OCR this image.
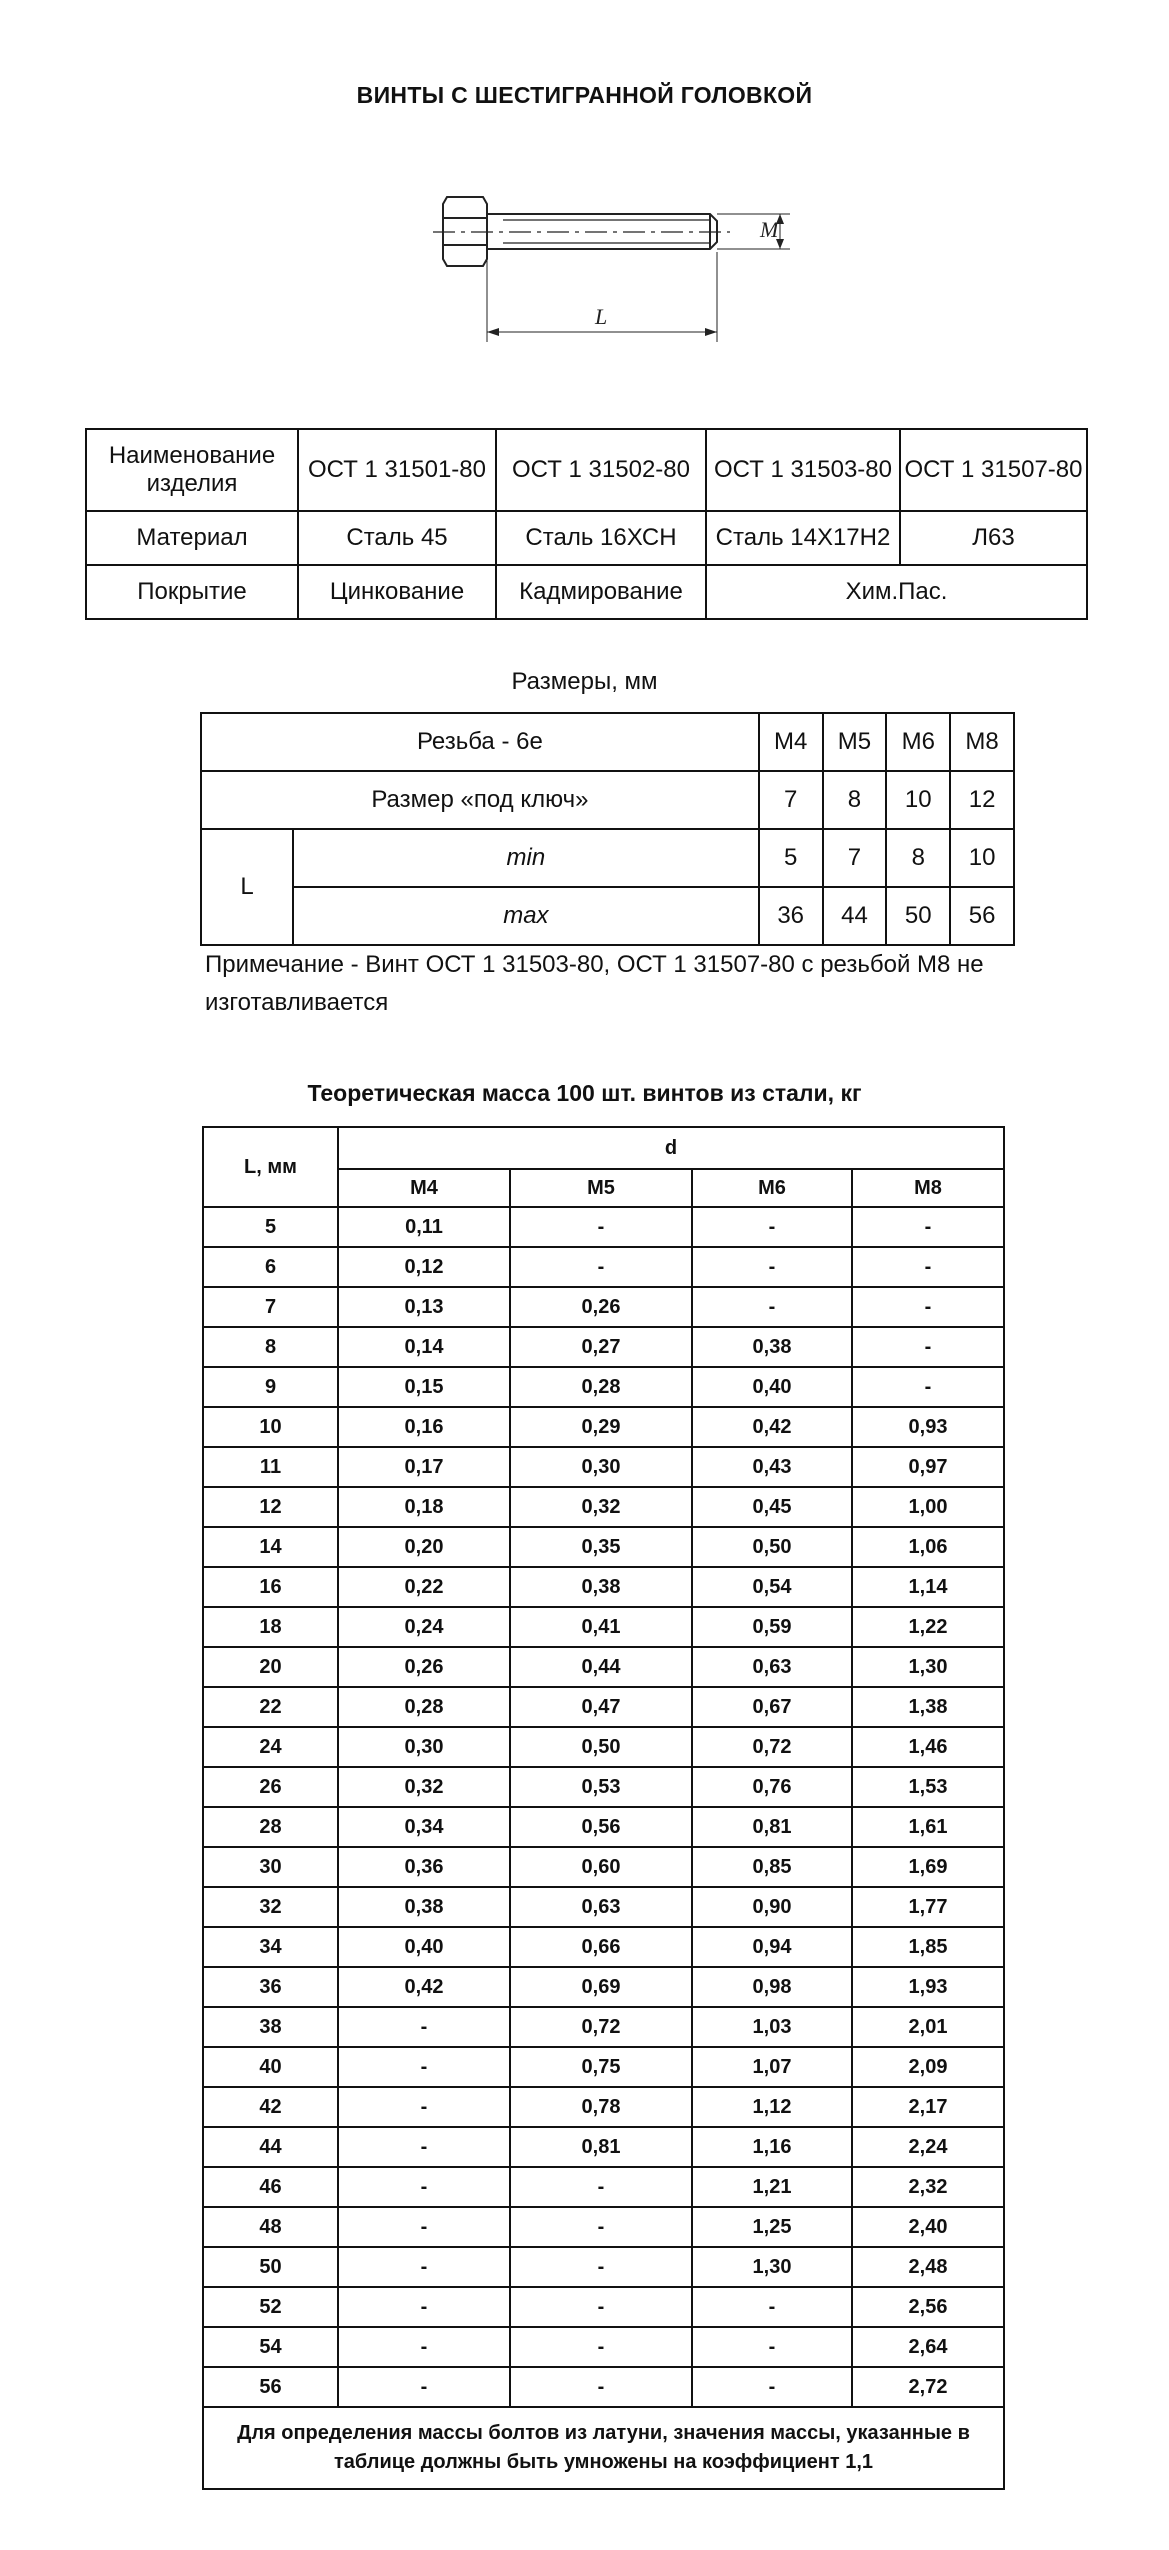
ВИНТЫ С ШЕСТИГРАННОЙ ГОЛОВКОЙ
M
L
Наименование изделия	ОСТ 1 31501-80	ОСТ 1 31502-80	ОСТ 1 31503-80	ОСТ 1 31507-80
Материал	Сталь 45	Сталь 16ХСН	Сталь 14Х17Н2	Л63
Покрытие	Цинкование	Кадмирование	Хим.Пас.	
Размеры, мм
Резьба - 6e		М4	М5	М6	М8
Размер «под ключ»		7	8	10	12
L	min	5	7	8	10
	max	36	44	50	56
Примечание - Винт ОСТ 1 31503-80, ОСТ 1 31507-80 с резьбой М8 не изготавливается
Теоретическая масса 100 шт. винтов из стали, кг
L, мм	d			
	М4	М5	М6	М8
5	0,11	-	-	-
6	0,12	-	-	-
7	0,13	0,26	-	-
8	0,14	0,27	0,38	-
9	0,15	0,28	0,40	-
10	0,16	0,29	0,42	0,93
11	0,17	0,30	0,43	0,97
12	0,18	0,32	0,45	1,00
14	0,20	0,35	0,50	1,06
16	0,22	0,38	0,54	1,14
18	0,24	0,41	0,59	1,22
20	0,26	0,44	0,63	1,30
22	0,28	0,47	0,67	1,38
24	0,30	0,50	0,72	1,46
26	0,32	0,53	0,76	1,53
28	0,34	0,56	0,81	1,61
30	0,36	0,60	0,85	1,69
32	0,38	0,63	0,90	1,77
34	0,40	0,66	0,94	1,85
36	0,42	0,69	0,98	1,93
38	-	0,72	1,03	2,01
40	-	0,75	1,07	2,09
42	-	0,78	1,12	2,17
44	-	0,81	1,16	2,24
46	-	-	1,21	2,32
48	-	-	1,25	2,40
50	-	-	1,30	2,48
52	-	-	-	2,56
54	-	-	-	2,64
56	-	-	-	2,72
Для определения массы болтов из латуни, значения массы, указанные в таблице должны быть умножены на коэффициент 1,1				
